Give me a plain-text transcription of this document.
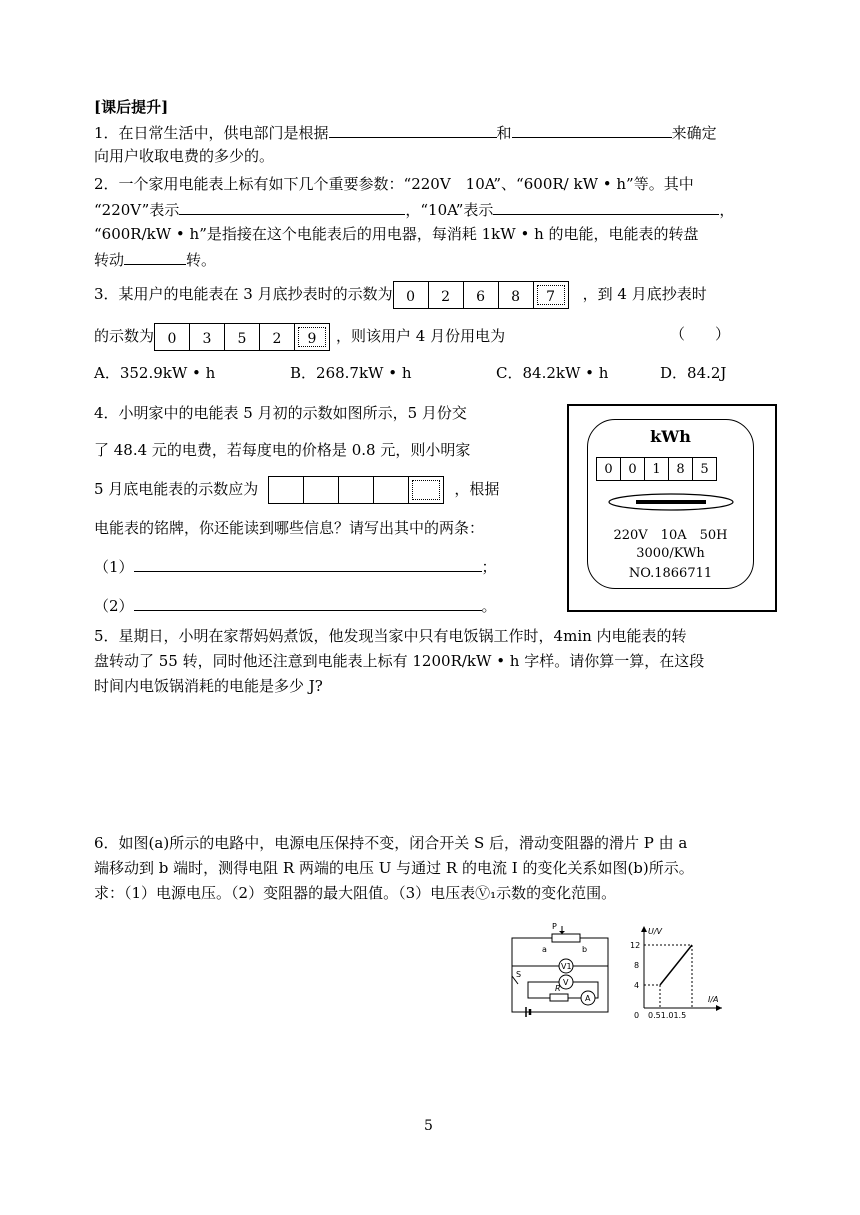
[课后提升]
1．在日常生活中，供电部门是根据	和	来确定
向用户收取电费的多少的。
2．一个家用电能表上标有如下几个重要参数：“220V　10A”、“600R/ kW • h”等。其中
“220V”表示	，“10A”表示	，
“600R/kW • h”是指接在这个电能表后的用电器，每消耗 1kW • h 的电能，电能表的转盘
转动	转。
3．某用户的电能表在 3 月底抄表时的示数为 0	2	6	8	7	，到 4 月底抄表时
的示数为 0	3	5	2	9	，则该用户 4 月份用电为	（　　）
A．352.9kW • h	B．268.7kW • h	C．84.2kW • h	D．84.2J
4．小明家中的电能表 5 月初的示数如图所示，5 月份交
了 48.4 元的电费，若每度电的价格是 0.8 元，则小明家
5 月底电能表的示数应为	，根据
电能表的铭牌，你还能读到哪些信息？请写出其中的两条：
（1）	；
（2）	。
kWh
0	0	1	8	5
220V　10A　50H
3000/KWh
NO.1866711
5．星期日，小明在家帮妈妈煮饭，他发现当家中只有电饭锅工作时，4min 内电能表的转
盘转动了 55 转，同时他还注意到电能表上标有 1200R/kW • h 字样。请你算一算，在这段
时间内电饭锅消耗的电能是多少 J?
6．如图(a)所示的电路中，电源电压保持不变，闭合开关 S 后，滑动变阻器的滑片 P 由 a
端移动到 b 端时，测得电阻 R 两端的电压 U 与通过 R 的电流 I 的变化关系如图(b)所示。
求：（1）电源电压。（2）变阻器的最大阻值。（3）电压表Ⓥ₁示数的变化范围。
P
a	b
V1
V
R
A
S
U/V
I/A
12
8
4
0 0.51.01.5
5
